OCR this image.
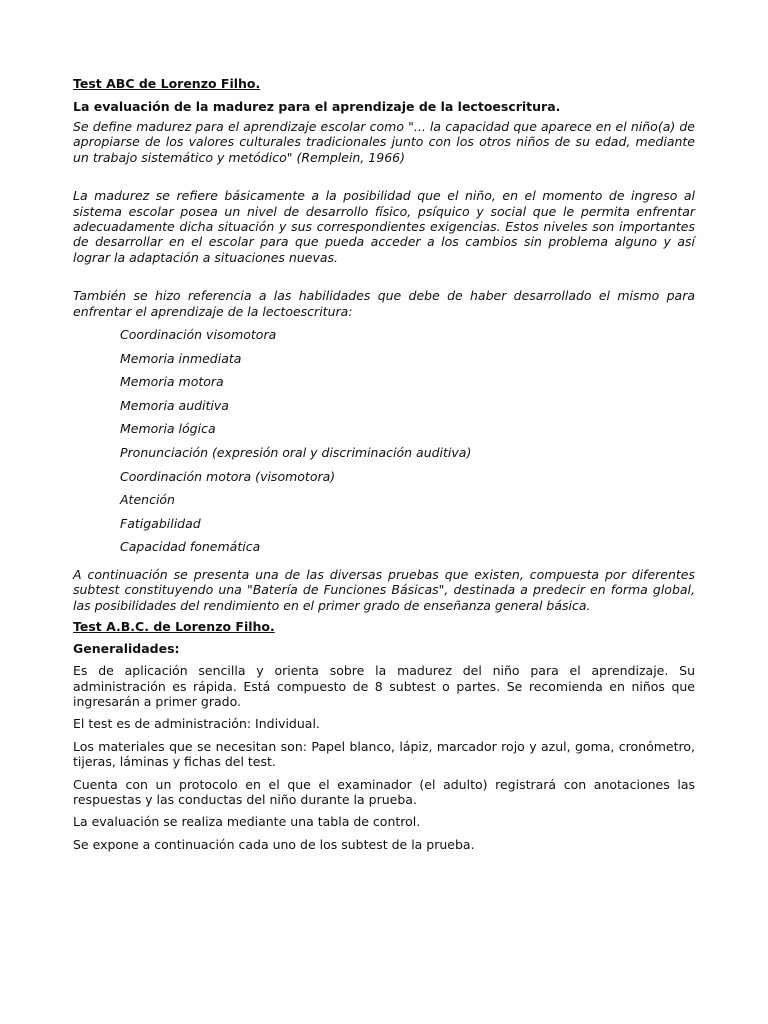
Test ABC de Lorenzo Filho.
La evaluación de la madurez para el aprendizaje de la lectoescritura.

Se define madurez para el aprendizaje escolar como "... la capacidad que aparece en el niño(a) de apropiarse de los valores culturales tradicionales junto con los otros niños de su edad, mediante un trabajo sistemático y metódico" (Remplein, 1966)

La madurez se refiere básicamente a la posibilidad que el niño, en el momento de ingreso al sistema escolar posea un nivel de desarrollo físico, psíquico y social que le permita enfrentar adecuadamente dicha situación y sus correspondientes exigencias. Estos niveles son importantes de desarrollar en el escolar para que pueda acceder a los cambios sin problema alguno y así lograr la adaptación a situaciones nuevas.

También se hizo referencia a las habilidades que debe de haber desarrollado el mismo para enfrentar el aprendizaje de la lectoescritura:

Coordinación visomotora
Memoria inmediata
Memoria motora
Memoria auditiva
Memoria lógica
Pronunciación (expresión oral y discriminación auditiva)
Coordinación motora (visomotora)
Atención
Fatigabilidad
Capacidad fonemática

A continuación se presenta una de las diversas pruebas que existen, compuesta por diferentes subtest constituyendo una "Batería de Funciones Básicas", destinada a predecir en forma global, las posibilidades del rendimiento en el primer grado de enseñanza general básica.

Test A.B.C. de Lorenzo Filho.
Generalidades:

Es de aplicación sencilla y orienta sobre la madurez del niño para el aprendizaje. Su administración es rápida. Está compuesto de 8 subtest o partes. Se recomienda en niños que ingresarán a primer grado.

El test es de administración: Individual.

Los materiales que se necesitan son: Papel blanco, lápiz, marcador rojo y azul, goma, cronómetro, tijeras, láminas y fichas del test.

Cuenta con un protocolo en el que el examinador (el adulto) registrará con anotaciones las respuestas y las conductas del niño durante la prueba.

La evaluación se realiza mediante una tabla de control.

Se expone a continuación cada uno de los subtest de la prueba.
